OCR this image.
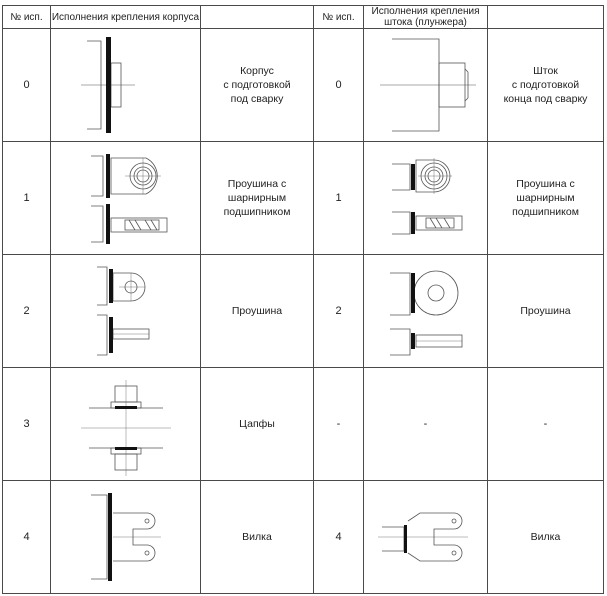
№ исп.	Исполнения крепления корпуса		№ исп.	Исполнения крепления штока (плунжера)	
0		Корпус
с подготовкой
под сварку	0		Шток
с подготовкой
конца под сварку
1		Проушина с
шарнирным
подшипником	1		Проушина с
шарнирным
подшипником
2		Проушина	2		Проушина
3		Цапфы	-	-	-
4		Вилка	4		Вилка
